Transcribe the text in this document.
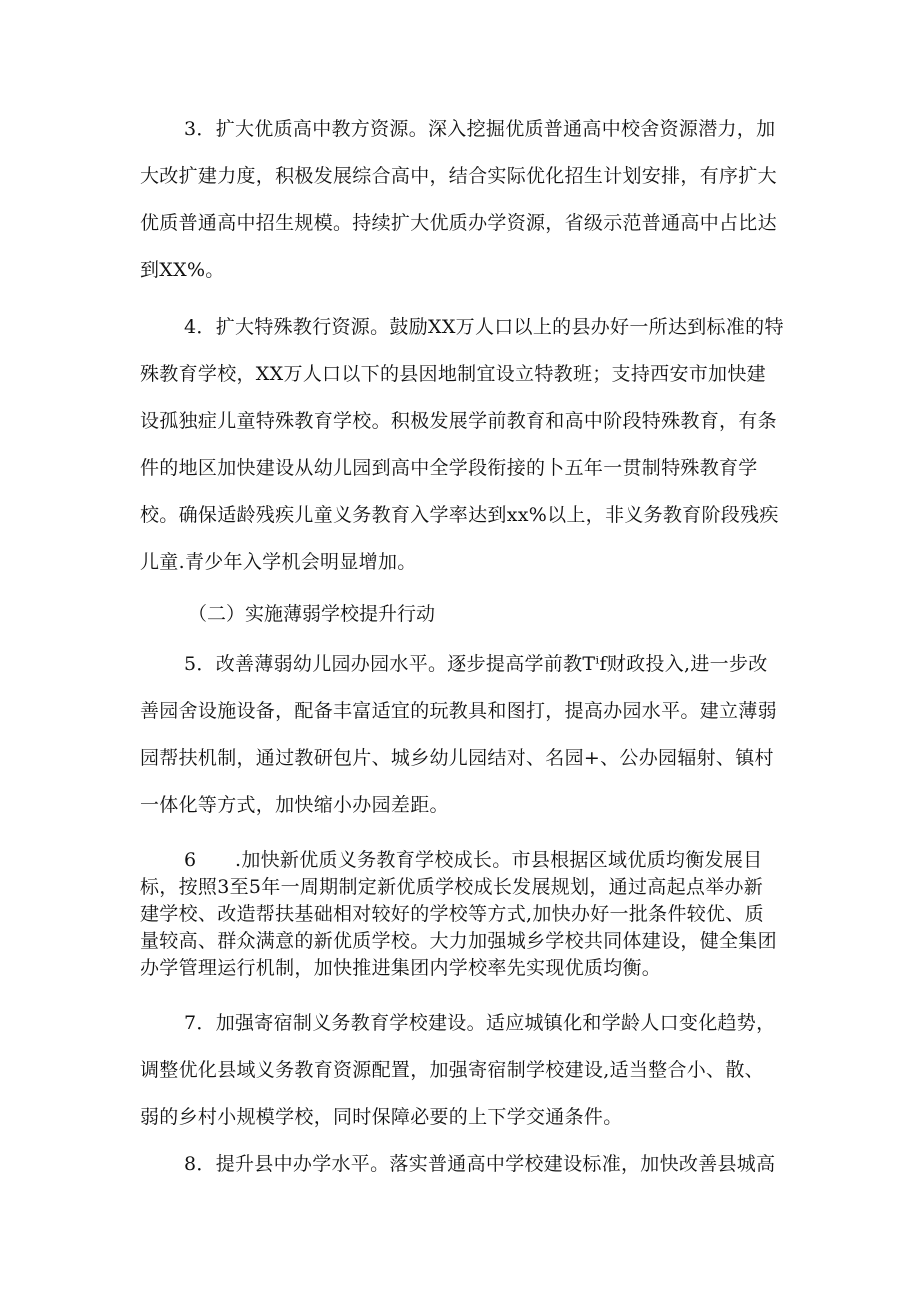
3．扩大优质高中教方资源。深入挖掘优质普通高中校舍资源潜力，加
大改扩建力度，积极发展综合高中，结合实际优化招生计划安排，有序扩大
优质普通高中招生规模。持续扩大优质办学资源，省级示范普通高中占比达
到XX%。
4．扩大特殊教行资源。鼓励XX万人口以上的县办好一所达到标准的特
殊教育学校，XX万人口以下的县因地制宜设立特教班；支持西安市加快建
设孤独症儿童特殊教育学校。积极发展学前教育和高中阶段特殊教育，有条
件的地区加快建设从幼儿园到高中全学段衔接的卜五年一贯制特殊教育学
校。确保适龄残疾儿童义务教育入学率达到xx%以上，非义务教育阶段残疾
儿童.青少年入学机会明显增加。
（二）实施薄弱学校提升行动
5．改善薄弱幼儿园办园水平。逐步提高学前教Tⁱf财政投入,进一步改
善园舍设施设备，配备丰富适宜的玩教具和图打，提高办园水平。建立薄弱
园帮扶机制，通过教研包片、城乡幼儿园结对、名园+、公办园辐射、镇村
一体化等方式，加快缩小办园差距。
6　　.加快新优质义务教育学校成长。市县根据区域优质均衡发展目
标，按照3至5年一周期制定新优质学校成长发展规划，通过高起点举办新
建学校、改造帮扶基础相对较好的学校等方式,加快办好一批条件较优、质
量较高、群众满意的新优质学校。大力加强城乡学校共同体建设，健全集团
办学管理运行机制，加快推进集团内学校率先实现优质均衡。
7．加强寄宿制义务教育学校建设。适应城镇化和学龄人口变化趋势，
调整优化县域义务教育资源配置，加强寄宿制学校建设,适当整合小、散、
弱的乡村小规模学校，同时保障必要的上下学交通条件。
8．提升县中办学水平。落实普通高中学校建设标准，加快改善县城高
